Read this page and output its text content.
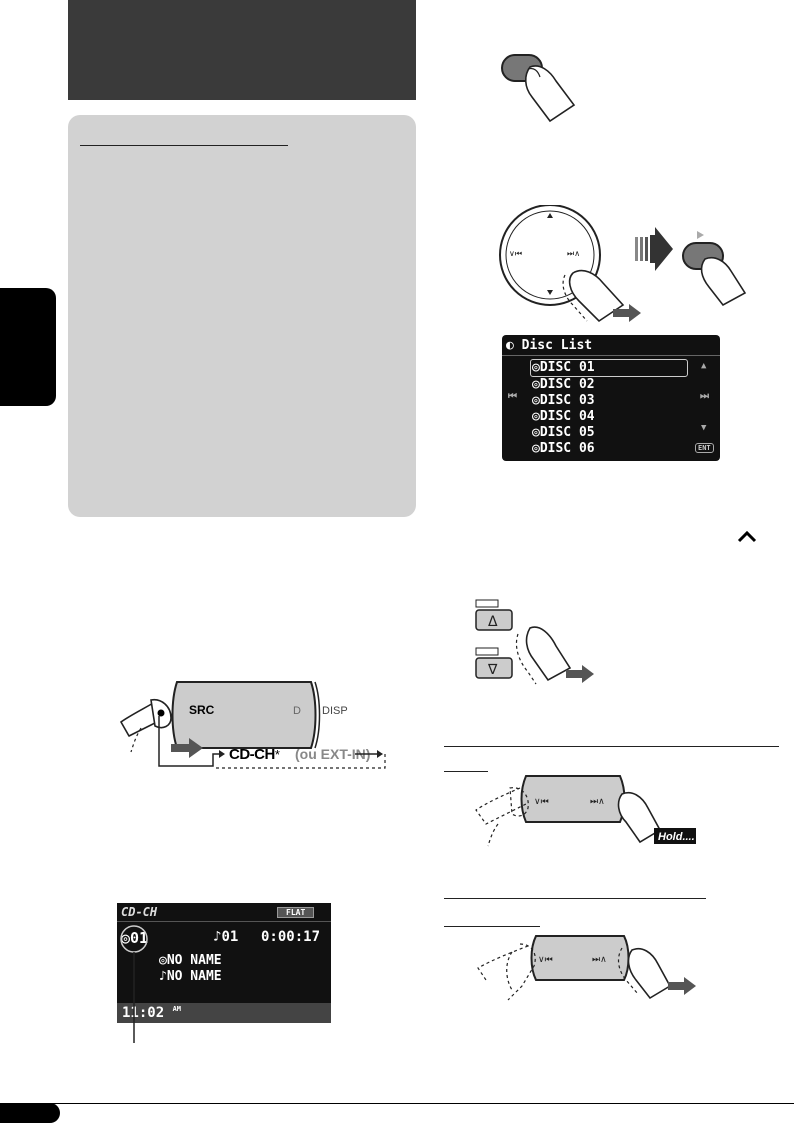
∨⏮	⏭∧
◐ Disc List
⏮
▲
⏭
▼
ENT
◎DISC 01
◎DISC 02
◎DISC 03
◎DISC 04
◎DISC 05
◎DISC 06
Δ
∇
SRC	D DISP
CD-CH* (ou EXT-IN)
∨⏮	⏭∧
Hold....
CD-CH	FLAT
◎01	♪01 0:00:17
◎NO NAME
♪NO NAME
11:02 $^{AM}$
∨⏮	⏭∧
